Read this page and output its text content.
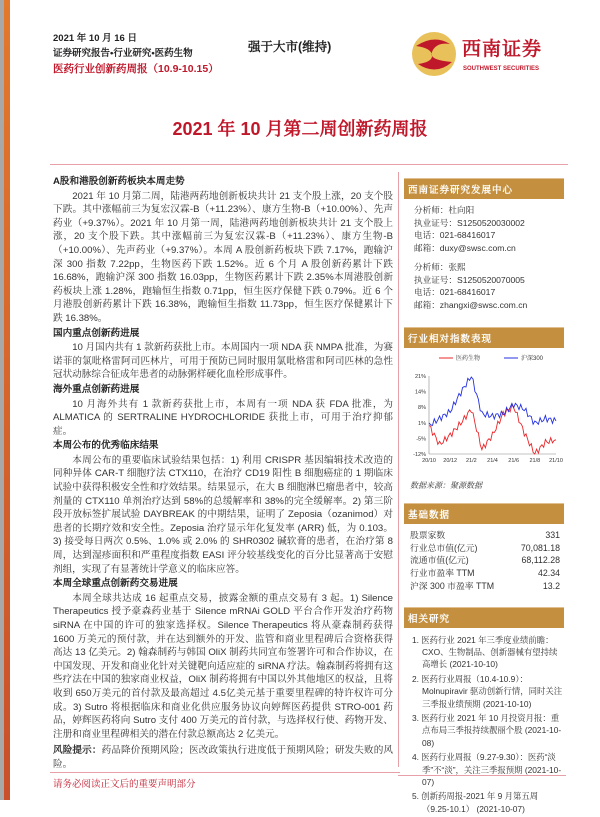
2021 年 10 月 16 日
证券研究报告•行业研究•医药生物
医药行业创新药周报（10.9-10.15）
强于大市(维持)	西南证券
SOUTHWEST SECURITIES
2021 年 10 月第二周创新药周报
A股和港股创新药板块本周走势

2021 年 10 月第二周，陆港两药地创新板块共计 21 支个股上涨，20 支个股下跌。其中涨幅前三为复宏汉霖-B（+11.23%）、康方生物-B（+10.00%）、先声药业（+9.37%）。2021 年 10 月第一周，陆港两药地创新板块共计 21 支个股上涨，20 支个股下跌。其中涨幅前三为复宏汉霖-B（+11.23%）、康方生物-B（+10.00%）、先声药业（+9.37%）。本周 A 股创新药板块下跌 7.17%，跑输沪深 300 指数 7.22pp，生物医药下跌 1.52%。近 6 个月 A 股创新药累计下跌 16.68%，跑输沪深 300 指数 16.03pp，生物医药累计下跌 2.35%本周港股创新药板块上涨 1.28%，跑输恒生指数 0.71pp，恒生医疗保健下跌 0.79%。近 6 个月港股创新药累计下跌 16.38%，跑输恒生指数 11.73pp，恒生医疗保健累计下跌 16.38%。

国内重点创新药进展

10 月国内共有 1 款新药获批上市。本周国内一项 NDA 获 NMPA 批准，为赛诺菲的氯吡格雷阿司匹林片，可用于预防已同时服用氯吡格雷和阿司匹林的急性冠状动脉综合征成年患者的动脉粥样硬化血栓形成事件。

海外重点创新药进展

10 月海外共有 1 款新药获批上市，本周有一项 NDA 获 FDA 批准，为 ALMATICA 的 SERTRALINE HYDROCHLORIDE 获批上市，可用于治疗抑郁症。

本周公布的优秀临床结果

本周公布的重要临床试验结果包括：1) 利用 CRISPR 基因编辑技术改造的同种异体 CAR-T 细胞疗法 CTX110，在治疗 CD19 阳性 B 细胞癌症的 1 期临床试验中获得积极安全性和疗效结果。结果显示，在大 B 细胞淋巴瘤患者中，较高剂量的 CTX110 单剂治疗达到 58%的总缓解率和 38%的完全缓解率。2) 第三阶段开放标签扩展试验 DAYBREAK 的中期结果，证明了 Zeposia（ozanimod）对患者的长期疗效和安全性。Zeposia 治疗显示年化复发率 (ARR) 低，为 0.103。3) 接受每日两次 0.5%、1.0% 或 2.0% 的 SHR0302 碱软膏的患者，在治疗第 8 周，达到湿疹面积和严重程度指数 EASI 评分较基线变化的百分比显著高于安慰剂组，实现了有显著统计学意义的临床应答。

本周全球重点创新药交易进展

本周全球共达成 16 起重点交易，披露金额的重点交易有 3 起。1) Silence Therapeutics 授予豪森药业基于 Silence mRNAi GOLD 平台合作开发治疗药物 siRNA 在中国的许可的独家选择权。Silence Therapeutics 将从豪森制药获得 1600 万美元的预付款，并在达到额外的开发、监管和商业里程碑后合资格获得高达 13 亿美元。2) 翰森制药与韩国 OliX 制药共同宣布签署许可和合作协议，在中国发现、开发和商业化针对关键靶向适应症的 siRNA 疗法。翰森制药将拥有这些疗法在中国的独家商业权益，OliX 制药将拥有中国以外其他地区的权益，且将收到 650万美元的首付款及最高超过 4.5亿美元基于重要里程碑的特许权许可分成。3) Sutro 将根据临床和商业化供应服务协议向婷辉医药提供 STRO-001 药品，婷辉医药将向 Sutro 支付 400 万美元的首付款，与选择权行使、药物开发、注册和商业里程碑相关的潜在付款总额高达 2 亿美元。

风险提示：药品降价预期风险；医改政策执行进度低于预期风险；研发失败的风险。

西南证券研究发展中心
分析师：杜向阳
执业证号：S1250520030002
电话：021-68416017
邮箱：duxy@swsc.com.cn
分析师：张熙
执业证号：S1250520070005
电话：021-68416017
邮箱：zhangxi@swsc.com.cn
行业相对指数表现
21%
14%
8%
1%
-5%
-12%
20/10 20/12 21/2 21/4 21/6 21/8 21/10
医药生物	沪深300
数据来源：聚源数据
基础数据
股票家数	331
行业总市值(亿元)	70,081.18
流通市值(亿元)	68,112.28
行业市盈率 TTM	42.34
沪深 300 市盈率 TTM	13.2
相关研究
1. 医药行业 2021 年三季度业绩前瞻：CXO、生物制品、创新器械有望持续高增长 (2021-10-10)
2. 医药行业周报（10.4-10.9）：Molnupiravir 驱动创新行情，同时关注三季报业绩预期 (2021-10-10)
3. 医药行业 2021 年 10 月投资月报：重点布局三季报持续靓丽个股 (2021-10-08)
4. 医药行业周报（9.27-9.30）：医药“淡季”不“淡”，关注三季报预期 (2021-10-07)
5. 创新药周报-2021 年 9 月第五周（9.25-10.1） (2021-10-07)
请务必阅读正文后的重要声明部分
